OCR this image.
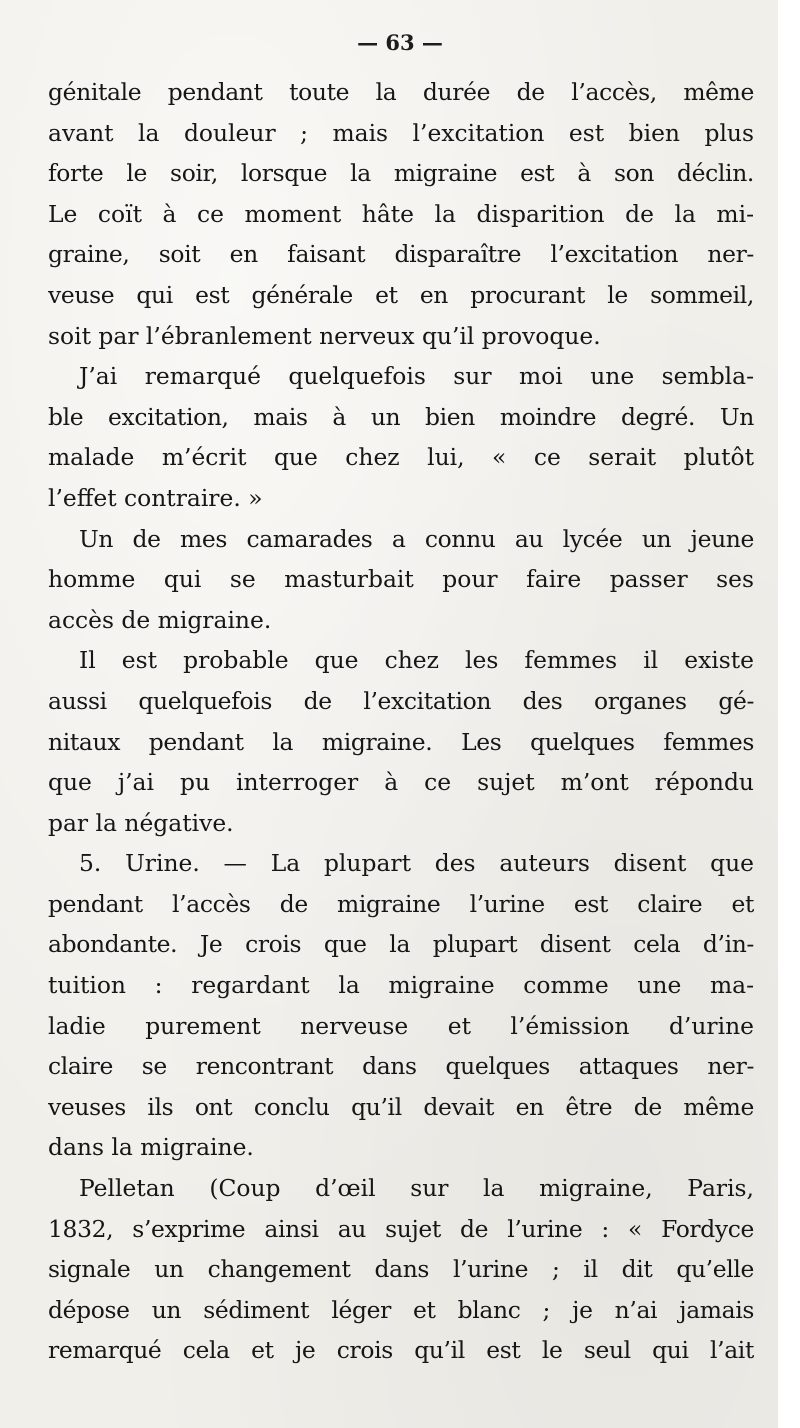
— 63 —
génitale pendant toute la durée de l’accès, même
avant la douleur ; mais l’excitation est bien plus
forte le soir, lorsque la migraine est à son déclin.
Le coït à ce moment hâte la disparition de la mi-
graine, soit en faisant disparaître l’excitation ner-
veuse qui est générale et en procurant le sommeil,
soit par l’ébranlement nerveux qu’il provoque.
J’ai remarqué quelquefois sur moi une sembla-
ble excitation, mais à un bien moindre degré. Un
malade m’écrit que chez lui, « ce serait plutôt
l’effet contraire. »
Un de mes camarades a connu au lycée un jeune
homme qui se masturbait pour faire passer ses
accès de migraine.
Il est probable que chez les femmes il existe
aussi quelquefois de l’excitation des organes gé-
nitaux pendant la migraine. Les quelques femmes
que j’ai pu interroger à ce sujet m’ont répondu
par la négative.
5. Urine. — La plupart des auteurs disent que
pendant l’accès de migraine l’urine est claire et
abondante. Je crois que la plupart disent cela d’in-
tuition : regardant la migraine comme une ma-
ladie purement nerveuse et l’émission d’urine
claire se rencontrant dans quelques attaques ner-
veuses ils ont conclu qu’il devait en être de même
dans la migraine.
Pelletan (Coup d’œil sur la migraine, Paris,
1832, s’exprime ainsi au sujet de l’urine : « Fordyce
signale un changement dans l’urine ; il dit qu’elle
dépose un sédiment léger et blanc ; je n’ai jamais
remarqué cela et je crois qu’il est le seul qui l’ait
